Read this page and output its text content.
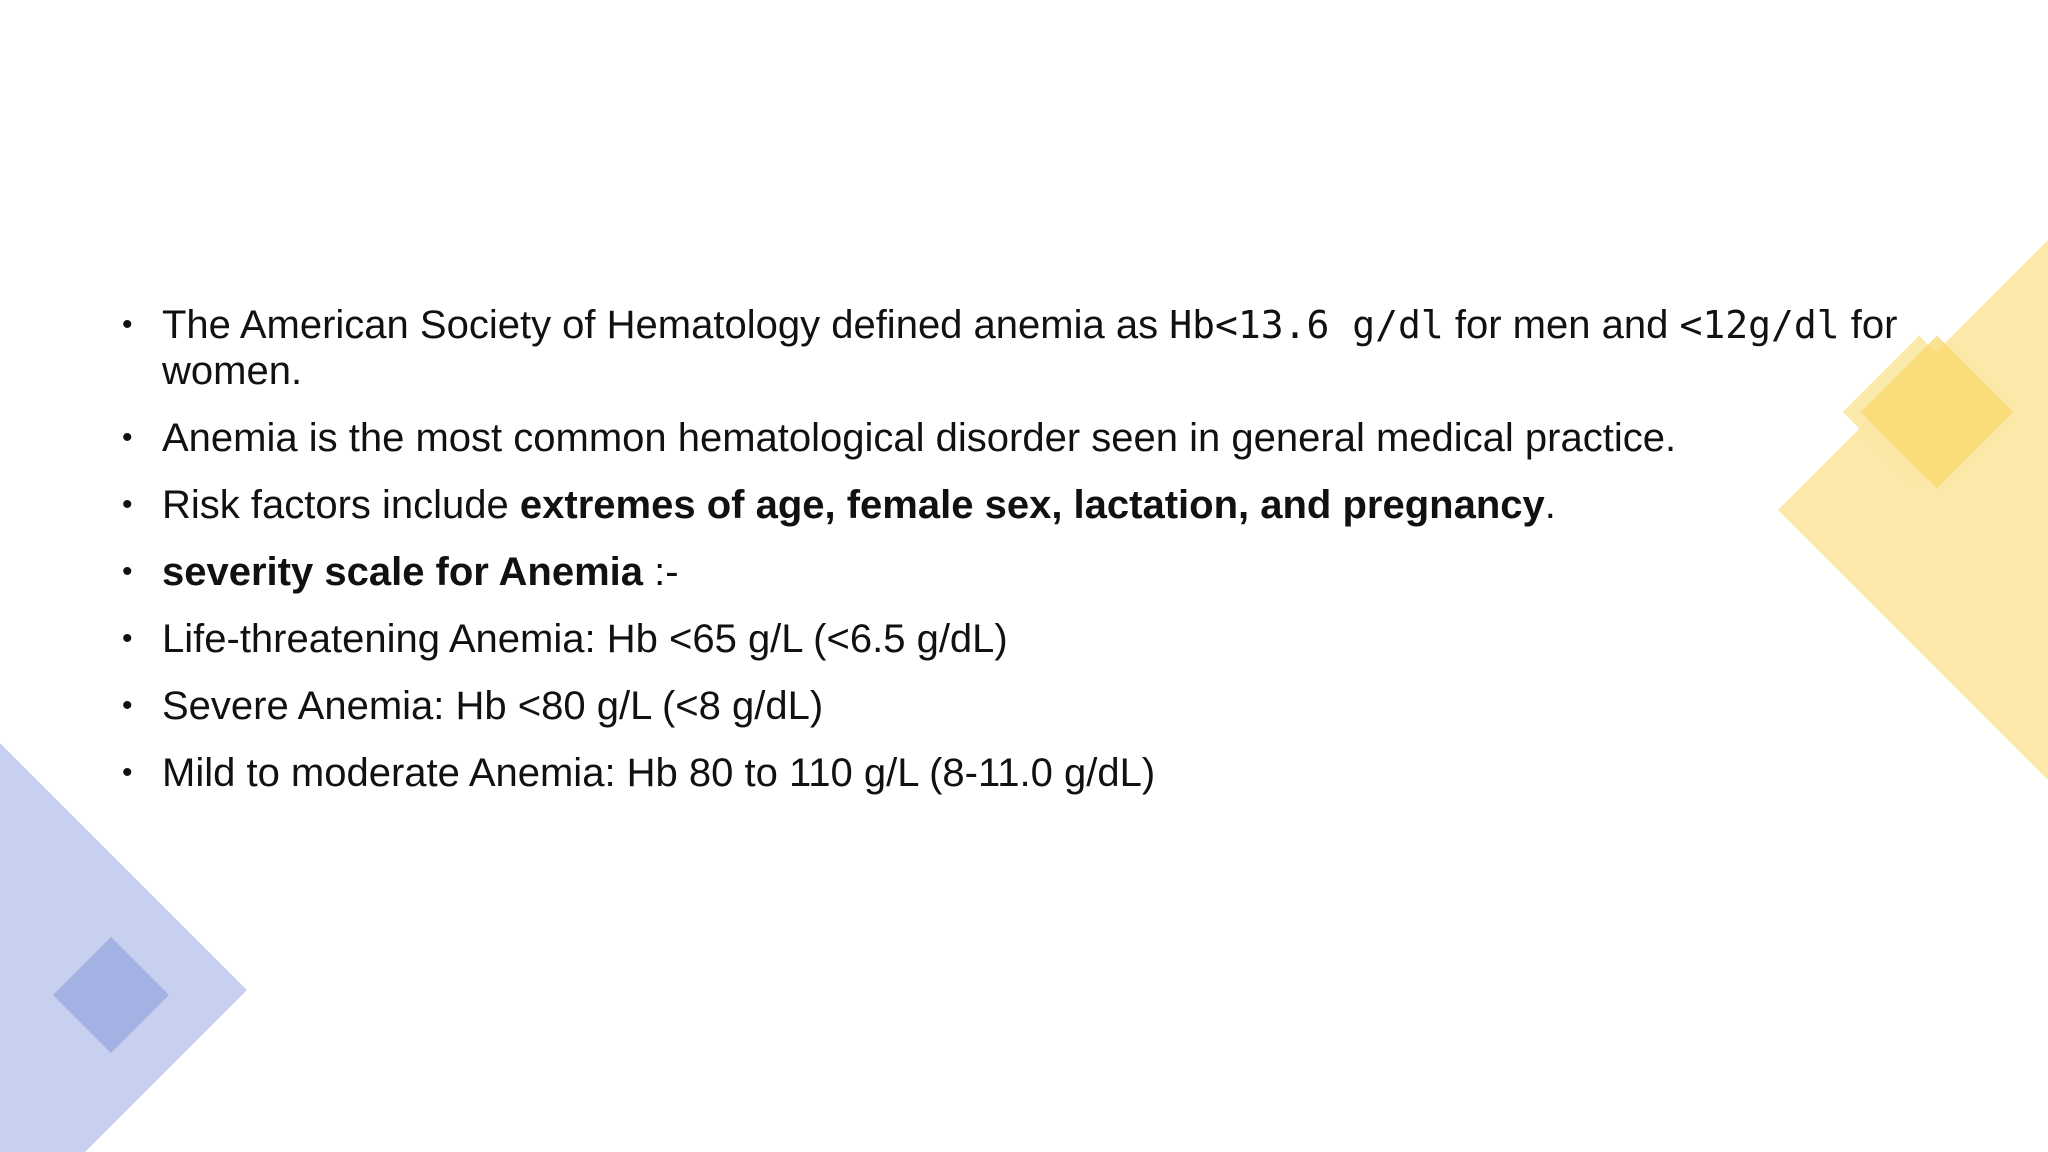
• The American Society of Hematology defined anemia as Hb<13.6 g/dl for men and <12g/dl for women.
• Anemia is the most common hematological disorder seen in general medical practice.
• Risk factors include extremes of age, female sex, lactation, and pregnancy.
• severity scale for Anemia :-
• Life-threatening Anemia: Hb <65 g/L (<6.5 g/dL)
• Severe Anemia: Hb <80 g/L (<8 g/dL)
• Mild to moderate Anemia: Hb 80 to 110 g/L (8-11.0 g/dL)
